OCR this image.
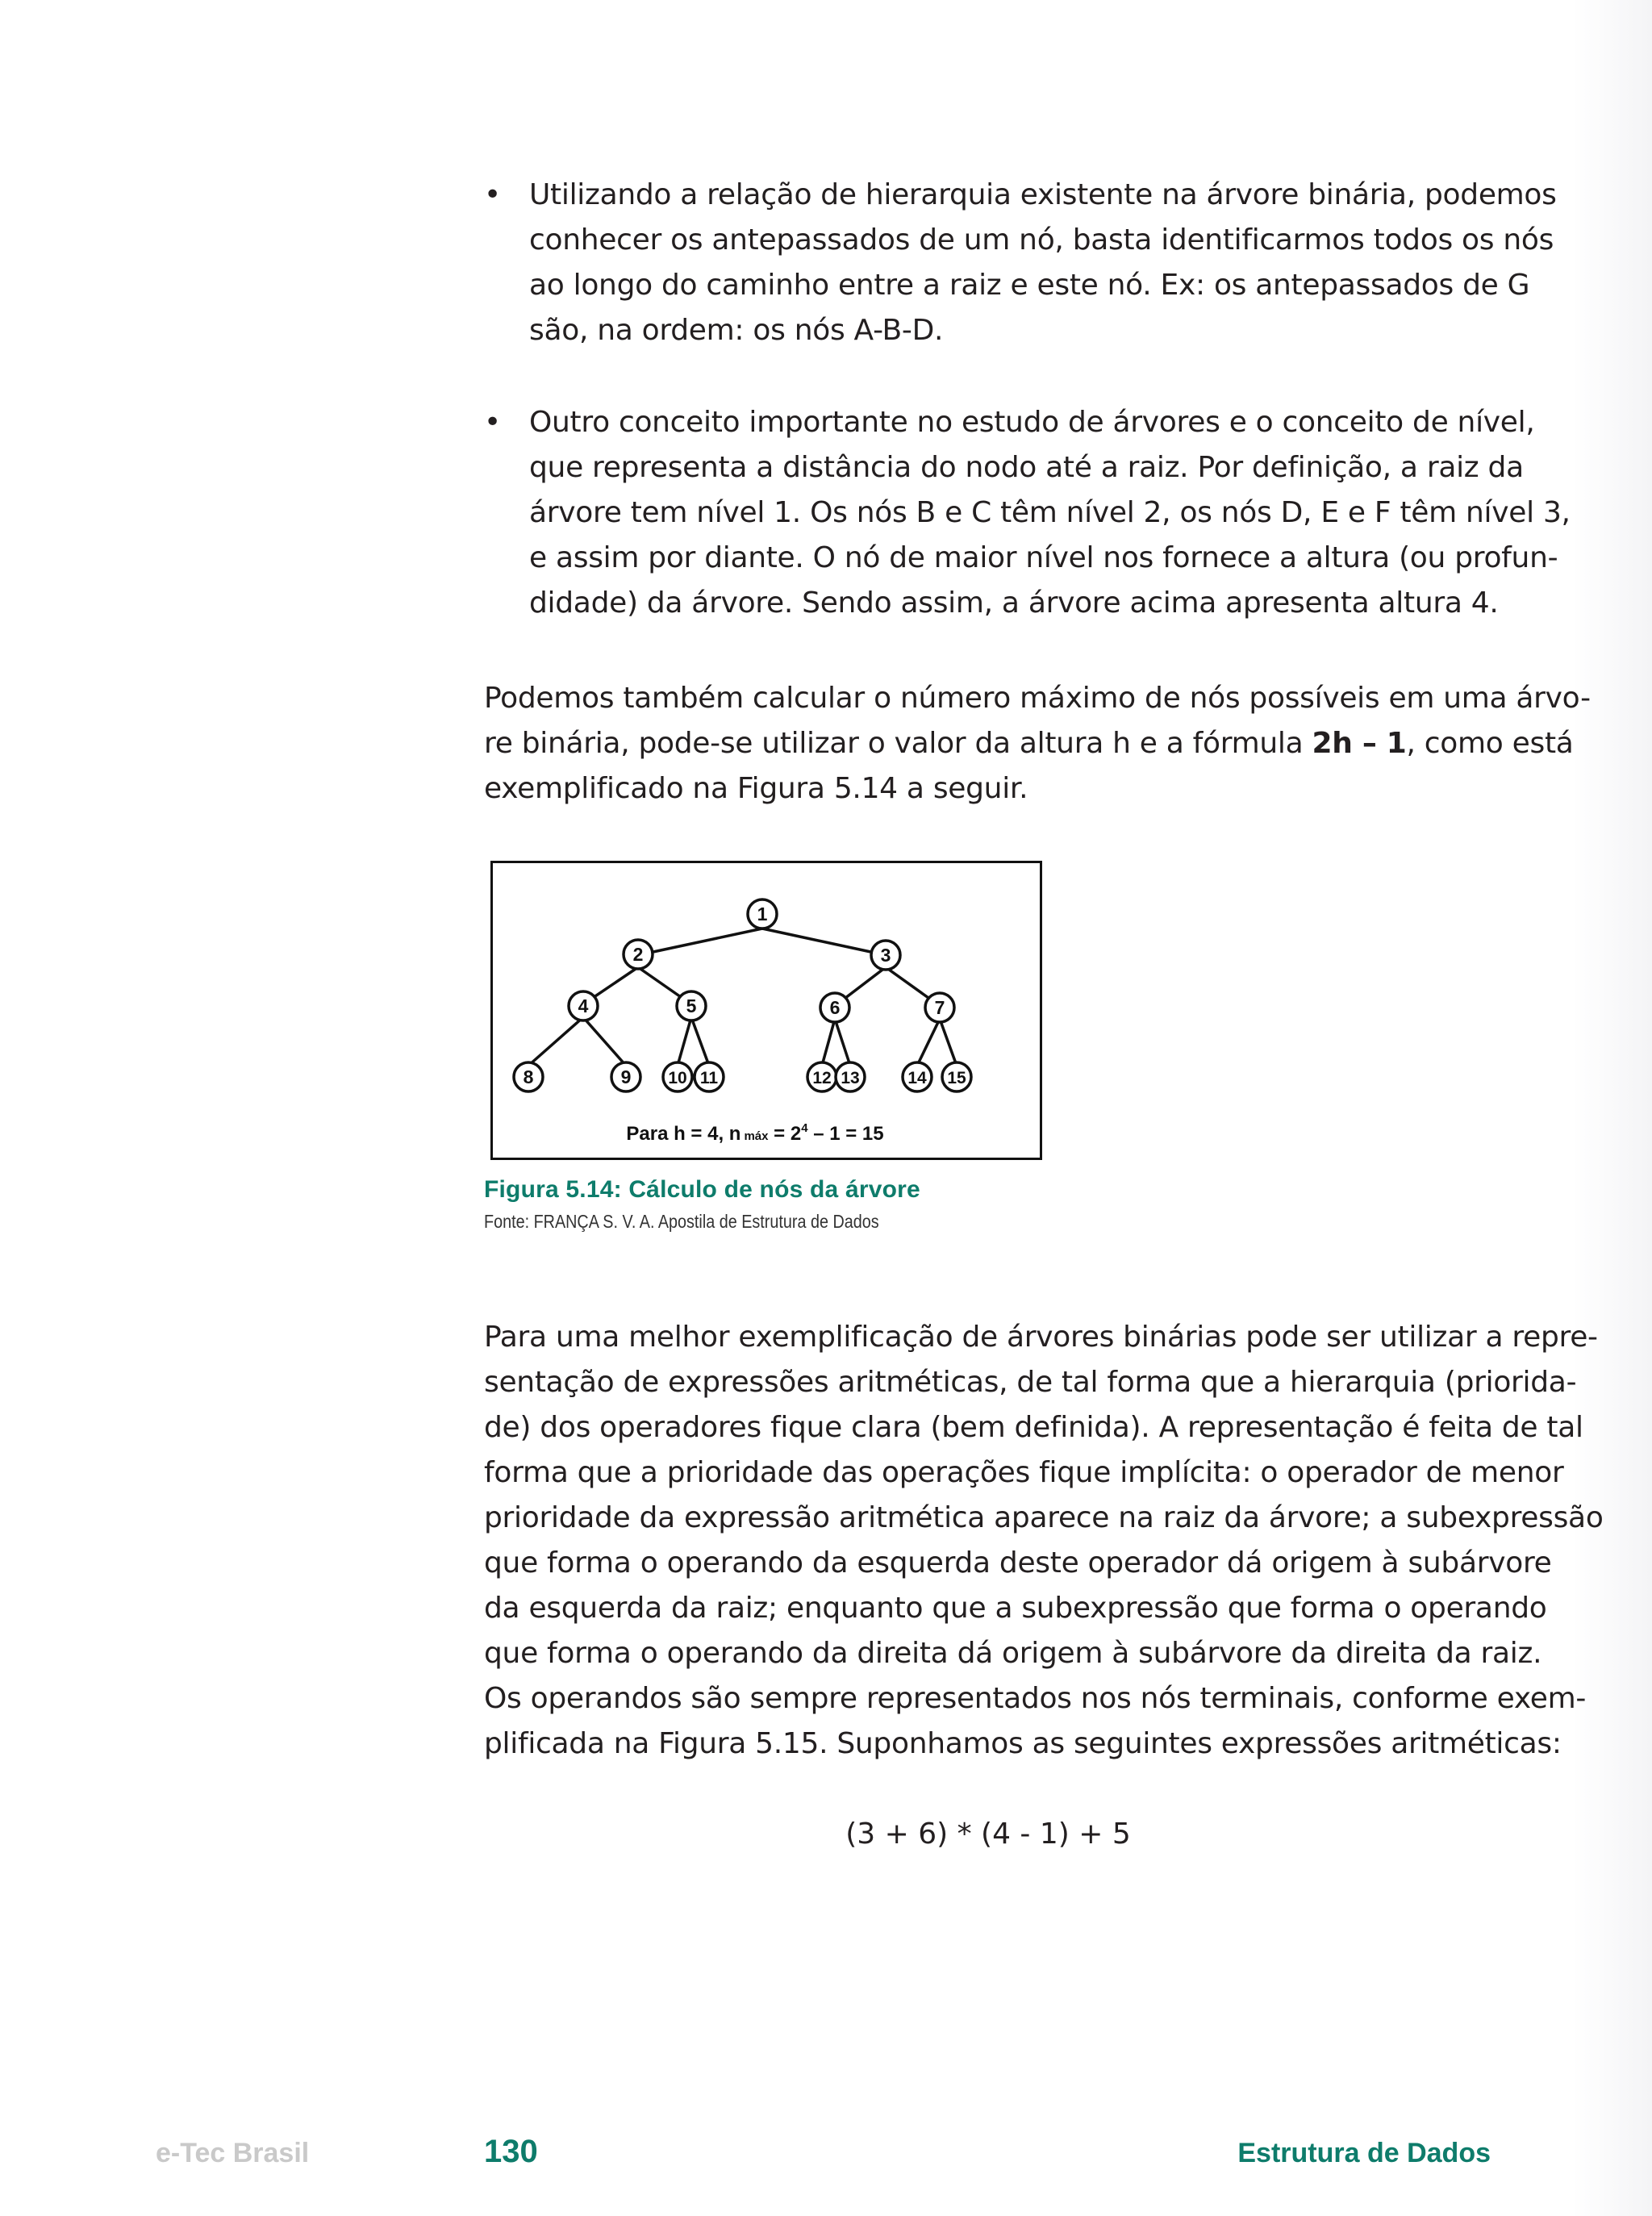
• Utilizando a relação de hierarquia existente na árvore binária, podemos
conhecer os antepassados de um nó, basta identificarmos todos os nós
ao longo do caminho entre a raiz e este nó. Ex: os antepassados de G
são, na ordem: os nós A-B-D.
• Outro conceito importante no estudo de árvores e o conceito de nível,
que representa a distância do nodo até a raiz. Por definição, a raiz da
árvore tem nível 1. Os nós B e C têm nível 2, os nós D, E e F têm nível 3,
e assim por diante. O nó de maior nível nos fornece a altura (ou profun-
didade) da árvore. Sendo assim, a árvore acima apresenta altura 4.
Podemos também calcular o número máximo de nós possíveis em uma árvo-
re binária, pode-se utilizar o valor da altura h e a fórmula 2h – 1, como está
exemplificado na Figura 5.14 a seguir.
1
2	3
4	5	6	7
8	9 10 11	12 13	14 15
Para h = 4, n máx = $2^4 - 1 = 15$
Figura 5.14: Cálculo de nós da árvore
Fonte: FRANÇA S. V. A. Apostila de Estrutura de Dados
Para uma melhor exemplificação de árvores binárias pode ser utilizar a repre-
sentação de expressões aritméticas, de tal forma que a hierarquia (priorida-
de) dos operadores fique clara (bem definida). A representação é feita de tal
forma que a prioridade das operações fique implícita: o operador de menor
prioridade da expressão aritmética aparece na raiz da árvore; a subexpressão
que forma o operando da esquerda deste operador dá origem à subárvore
da esquerda da raiz; enquanto que a subexpressão que forma o operando
que forma o operando da direita dá origem à subárvore da direita da raiz.
Os operandos são sempre representados nos nós terminais, conforme exem-
plificada na Figura 5.15. Suponhamos as seguintes expressões aritméticas:
(3 + 6) * (4 - 1) + 5
e-Tec Brasil	130	Estrutura de Dados
